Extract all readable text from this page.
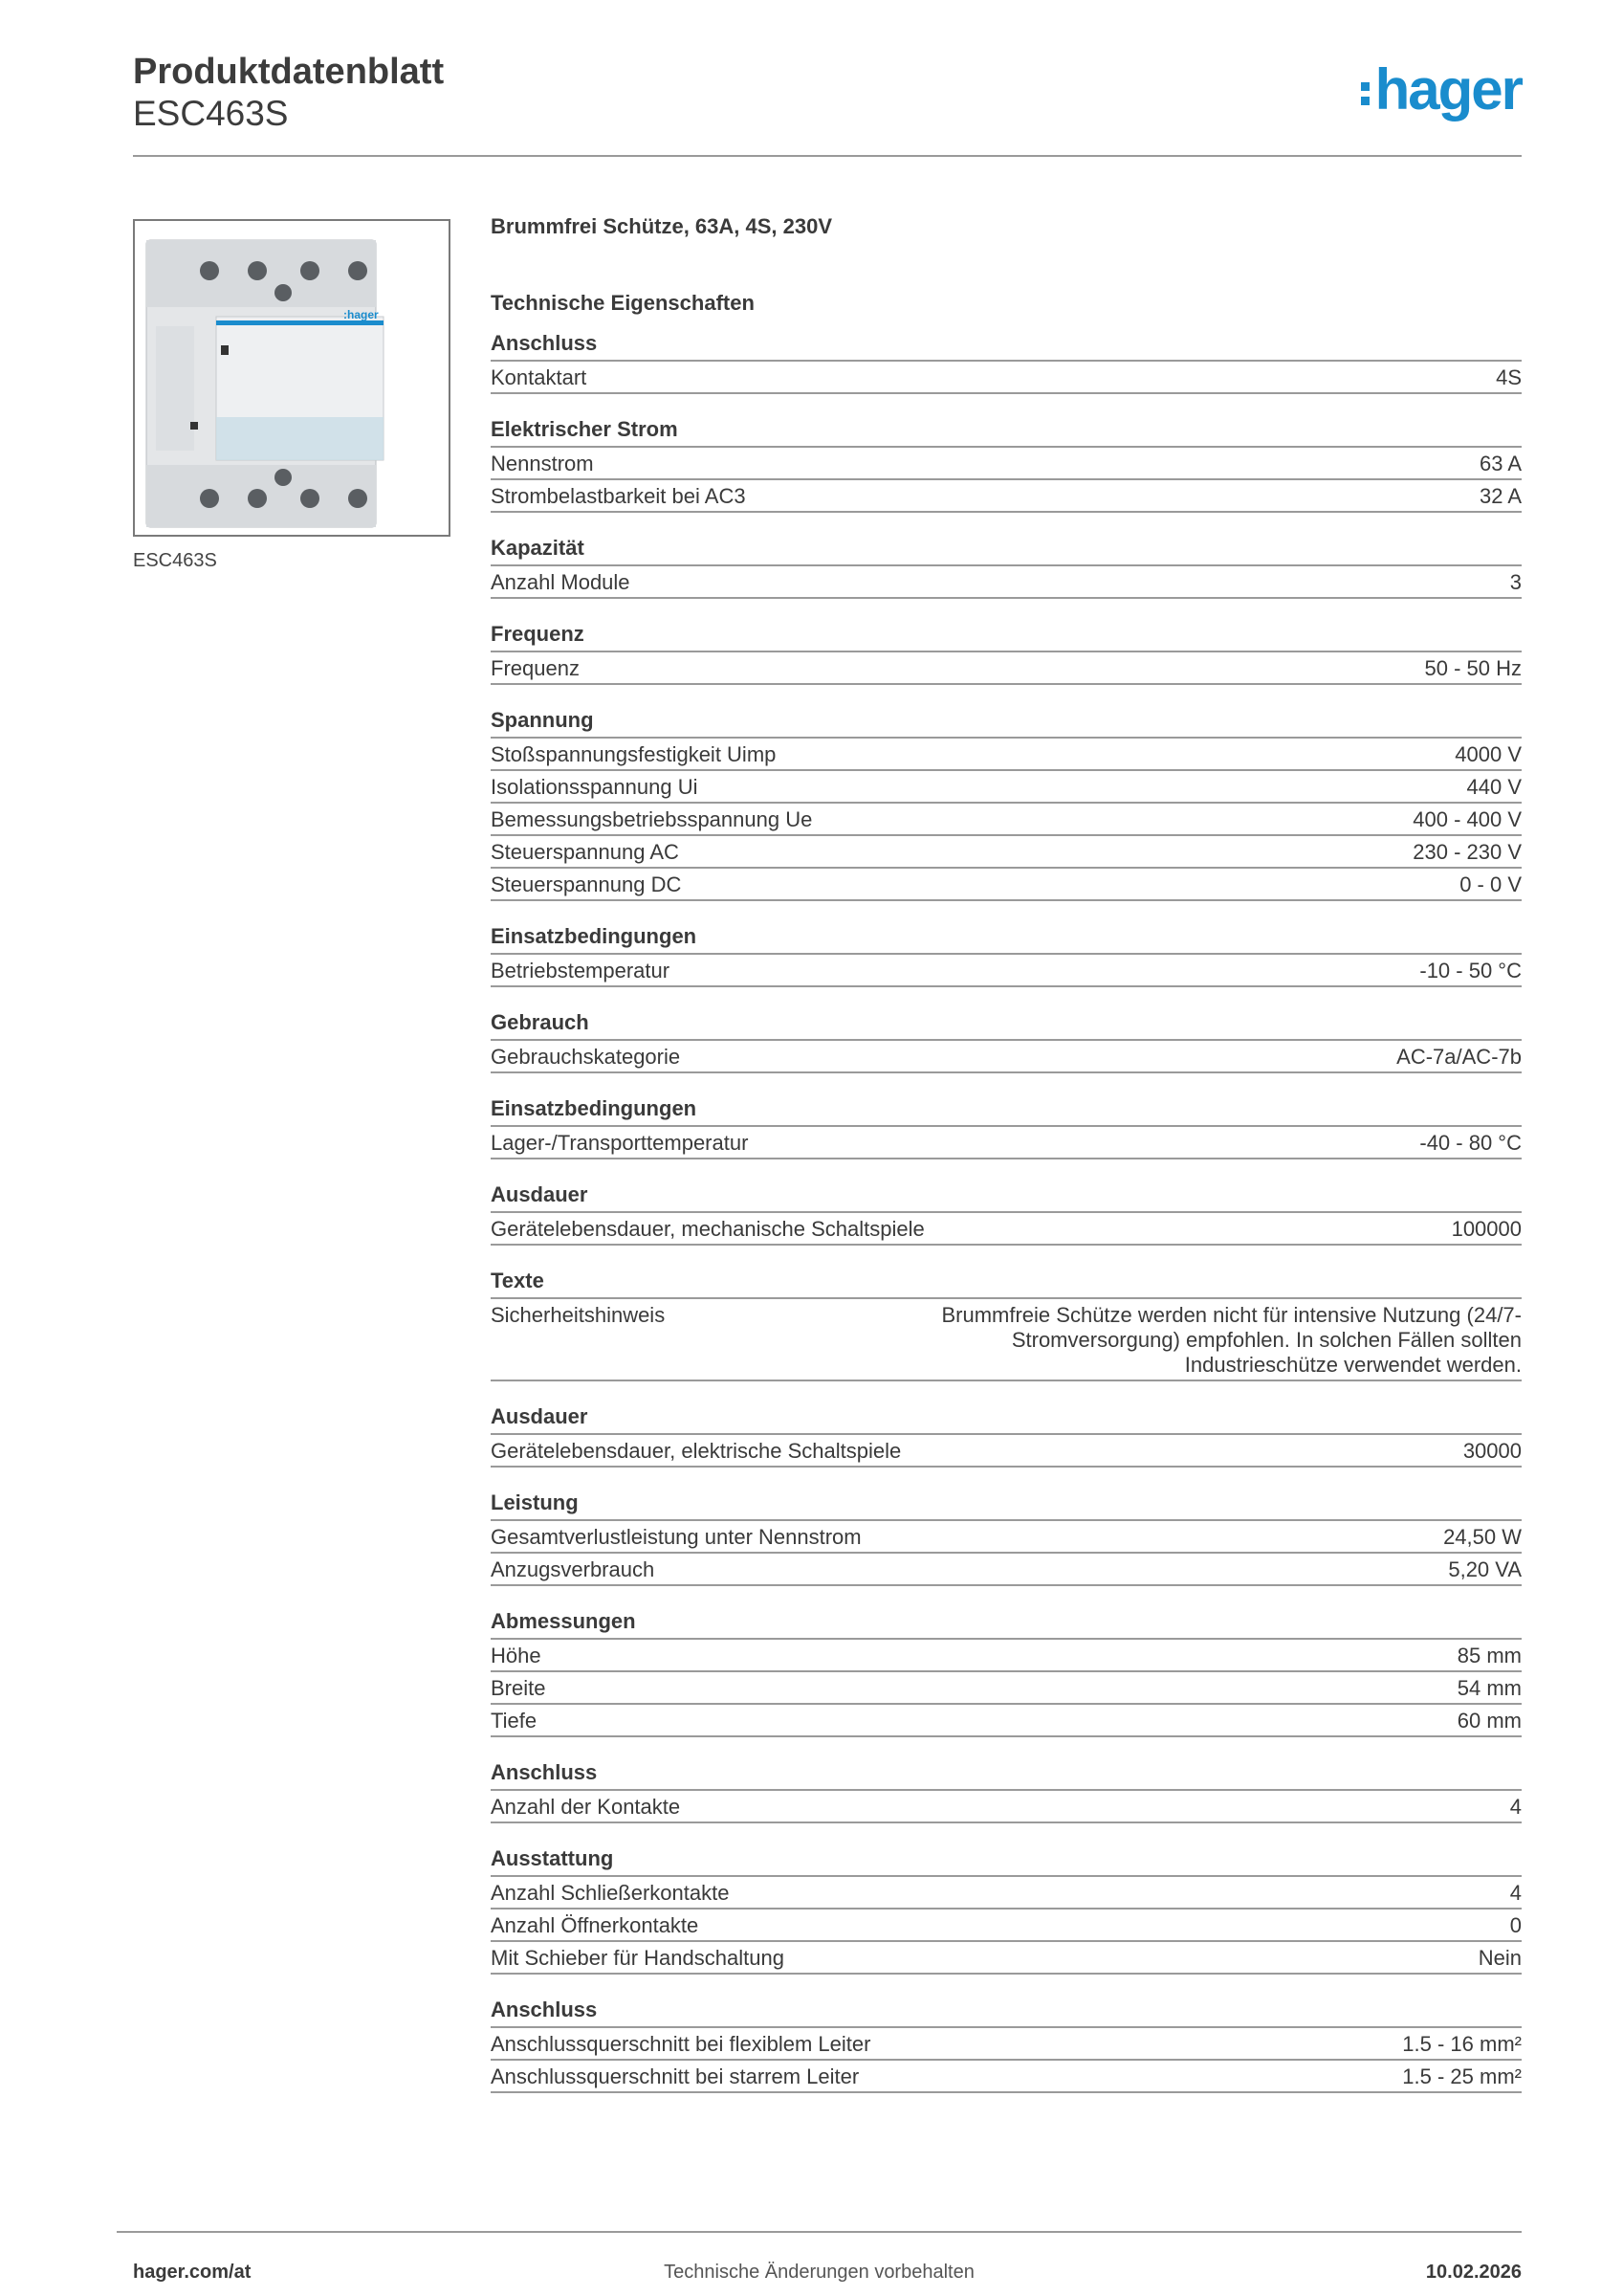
Produktdatenblatt
ESC463S	hager
:hager
ESC463S
Brummfrei Schütze, 63A, 4S, 230V
Technische Eigenschaften
Anschluss
Kontaktart	4S
Elektrischer Strom
Nennstrom	63 A
Strombelastbarkeit bei AC3	32 A
Kapazität
Anzahl Module	3
Frequenz
Frequenz	50 - 50 Hz
Spannung
Stoßspannungsfestigkeit Uimp	4000 V
Isolationsspannung Ui	440 V
Bemessungsbetriebsspannung Ue	400 - 400 V
Steuerspannung AC	230 - 230 V
Steuerspannung DC	0 - 0 V
Einsatzbedingungen
Betriebstemperatur	-10 - 50 °C
Gebrauch
Gebrauchskategorie	AC-7a/AC-7b
Einsatzbedingungen
Lager-/Transporttemperatur	-40 - 80 °C
Ausdauer
Gerätelebensdauer, mechanische Schaltspiele	100000
Texte
Sicherheitshinweis	Brummfreie Schütze werden nicht für intensive Nutzung (24/7-Stromversorgung) empfohlen. In solchen Fällen sollten Industrieschütze verwendet werden.
Ausdauer
Gerätelebensdauer, elektrische Schaltspiele	30000
Leistung
Gesamtverlustleistung unter Nennstrom	24,50 W
Anzugsverbrauch	5,20 VA
Abmessungen
Höhe	85 mm
Breite	54 mm
Tiefe	60 mm
Anschluss
Anzahl der Kontakte	4
Ausstattung
Anzahl Schließerkontakte	4
Anzahl Öffnerkontakte	0
Mit Schieber für Handschaltung	Nein
Anschluss
Anschlussquerschnitt bei flexiblem Leiter	1.5 - 16 mm²
Anschlussquerschnitt bei starrem Leiter	1.5 - 25 mm²
hager.com/at	Technische Änderungen vorbehalten	10.02.2026
